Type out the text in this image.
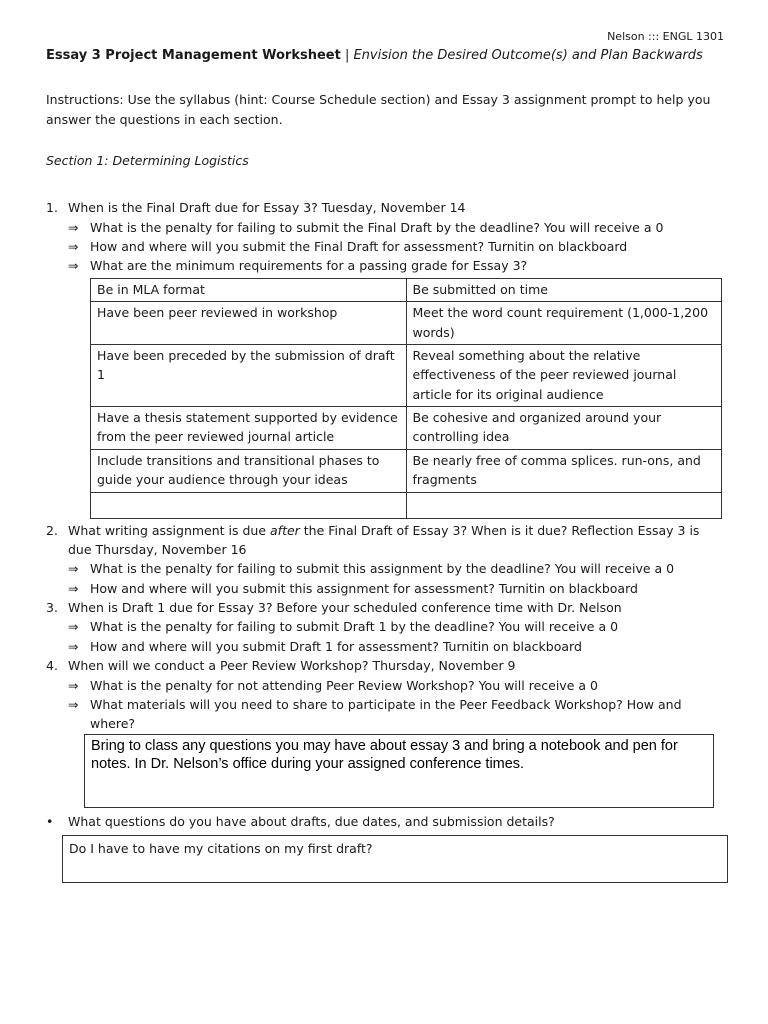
Nelson ::: ENGL 1301
Essay 3 Project Management Worksheet | Envision the Desired Outcome(s) and Plan Backwards
Instructions: Use the syllabus (hint: Course Schedule section) and Essay 3 assignment prompt to help you answer the questions in each section.
Section 1: Determining Logistics
1. When is the Final Draft due for Essay 3? Tuesday, November 14
⇒ What is the penalty for failing to submit the Final Draft by the deadline? You will receive a 0
⇒ How and where will you submit the Final Draft for assessment? Turnitin on blackboard
⇒ What are the minimum requirements for a passing grade for Essay 3?
Be in MLA format	Be submitted on time
Have been peer reviewed in workshop	Meet the word count requirement (1,000-1,200 words)
Have been preceded by the submission of draft 1	Reveal something about the relative effectiveness of the peer reviewed journal article for its original audience
Have a thesis statement supported by evidence from the peer reviewed journal article	Be cohesive and organized around your controlling idea
Include transitions and transitional phases to guide your audience through your ideas	Be nearly free of comma splices. run-ons, and fragments

2. What writing assignment is due after the Final Draft of Essay 3? When is it due? Reflection Essay 3 is due Thursday, November 16
⇒ What is the penalty for failing to submit this assignment by the deadline? You will receive a 0
⇒ How and where will you submit this assignment for assessment? Turnitin on blackboard
3. When is Draft 1 due for Essay 3? Before your scheduled conference time with Dr. Nelson
⇒ What is the penalty for failing to submit Draft 1 by the deadline? You will receive a 0
⇒ How and where will you submit Draft 1 for assessment? Turnitin on blackboard
4. When will we conduct a Peer Review Workshop? Thursday, November 9
⇒ What is the penalty for not attending Peer Review Workshop? You will receive a 0
⇒ What materials will you need to share to participate in the Peer Feedback Workshop? How and where?
Bring to class any questions you may have about essay 3 and bring a notebook and pen for notes. In Dr. Nelson’s office during your assigned conference times.
• What questions do you have about drafts, due dates, and submission details?
Do I have to have my citations on my first draft?
